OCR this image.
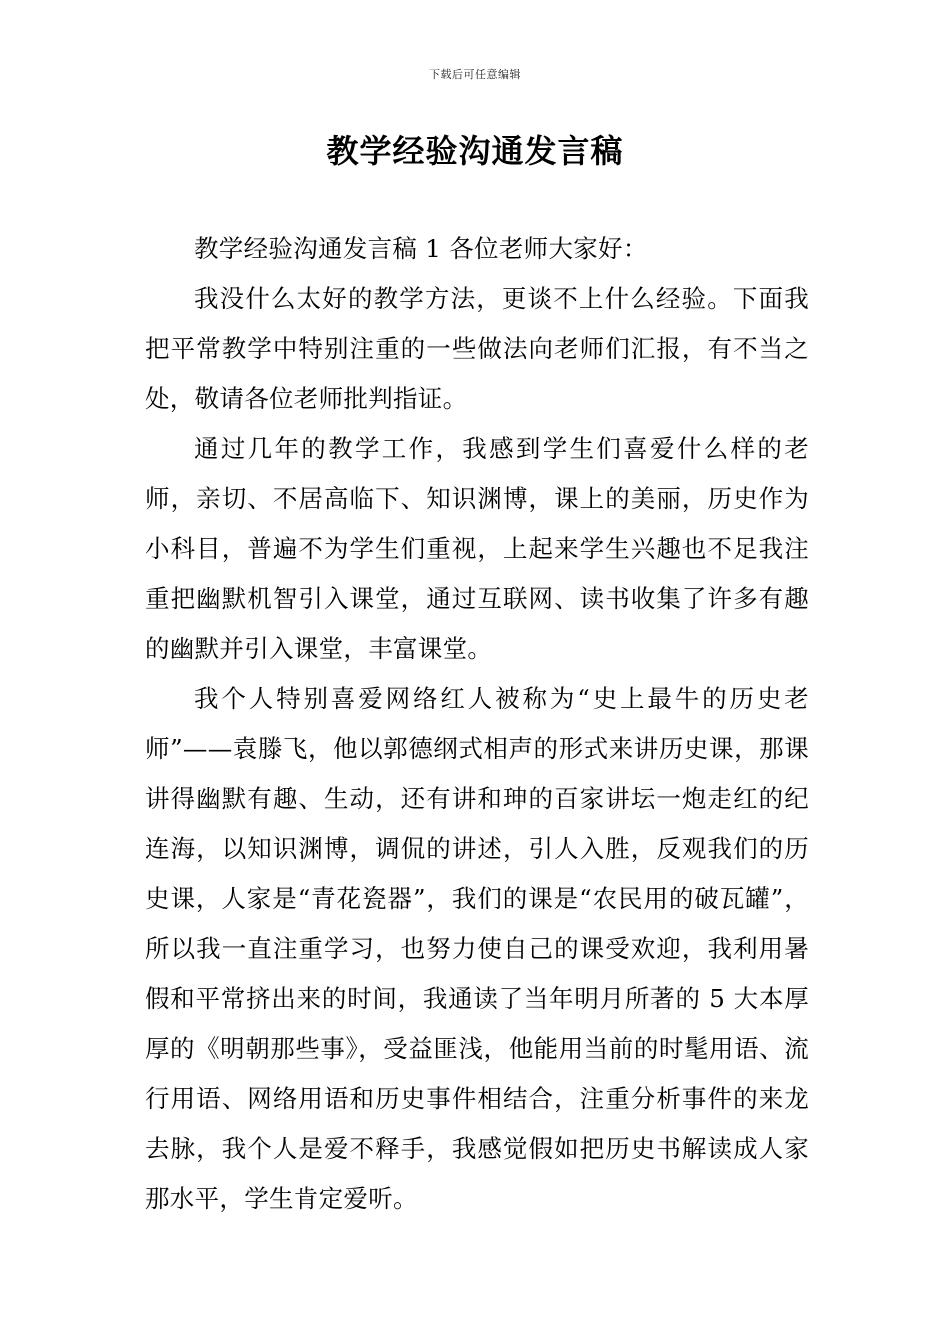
下载后可任意编辑
教学经验沟通发言稿

教学经验沟通发言稿 1 各位老师大家好：

我没什么太好的教学方法，更谈不上什么经验。下面我把平常教学中特别注重的一些做法向老师们汇报，有不当之处，敬请各位老师批判指证。

通过几年的教学工作，我感到学生们喜爱什么样的老师，亲切、不居高临下、知识渊博，课上的美丽，历史作为小科目，普遍不为学生们重视，上起来学生兴趣也不足我注重把幽默机智引入课堂，通过互联网、读书收集了许多有趣的幽默并引入课堂，丰富课堂。

我个人特别喜爱网络红人被称为“史上最牛的历史老师”——袁滕飞，他以郭德纲式相声的形式来讲历史课，那课讲得幽默有趣、生动，还有讲和珅的百家讲坛一炮走红的纪连海，以知识渊博，调侃的讲述，引人入胜，反观我们的历史课，人家是“青花瓷器”，我们的课是“农民用的破瓦罐”，所以我一直注重学习，也努力使自己的课受欢迎，我利用暑假和平常挤出来的时间，我通读了当年明月所著的 5 大本厚厚的《明朝那些事》，受益匪浅，他能用当前的时髦用语、流行用语、网络用语和历史事件相结合，注重分析事件的来龙去脉，我个人是爱不释手，我感觉假如把历史书解读成人家那水平，学生肯定爱听。
